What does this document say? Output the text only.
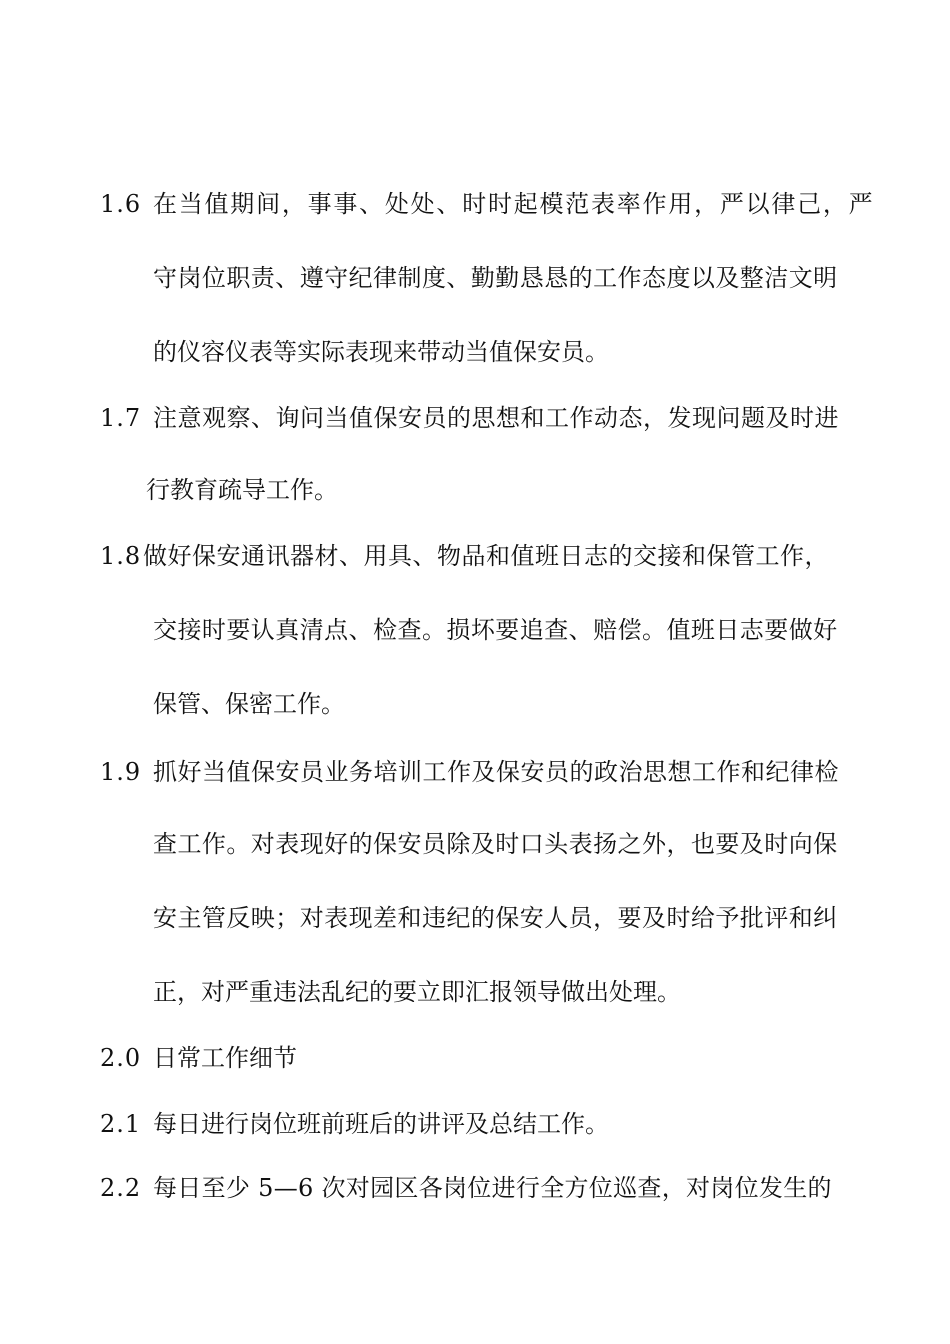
1.6 在 当 值 期 间 ， 事 事 、 处 处 、 时 时 起 模 范 表 率 作 用 ， 严 以 律 己 ， 严
守岗位职责、遵守纪律制度、勤勤恳恳的工作态度以及整洁文明
的仪容仪表等实际表现来带动当值保安员。
1.7 注意观察、询问当值保安员的思想和工作动态，发现问题及时进
行教育疏导工作。
1.8 做好保安通讯器材、用具、物品和值班日志的交接和保管工作，
交接时要认真清点、检查。损坏要追查、赔偿。值班日志要做好
保管、保密工作。
1.9 抓好当值保安员业务培训工作及保安员的政治思想工作和纪律检
查工作。对表现好的保安员除及时口头表扬之外，也要及时向保
安主管反映；对表现差和违纪的保安人员，要及时给予批评和纠
正，对严重违法乱纪的要立即汇报领导做出处理。
2.0 日常工作细节
2.1 每日进行岗位班前班后的讲评及总结工作。
2.2 每日至少 5—6 次对园区各岗位进行全方位巡查，对岗位发生的
